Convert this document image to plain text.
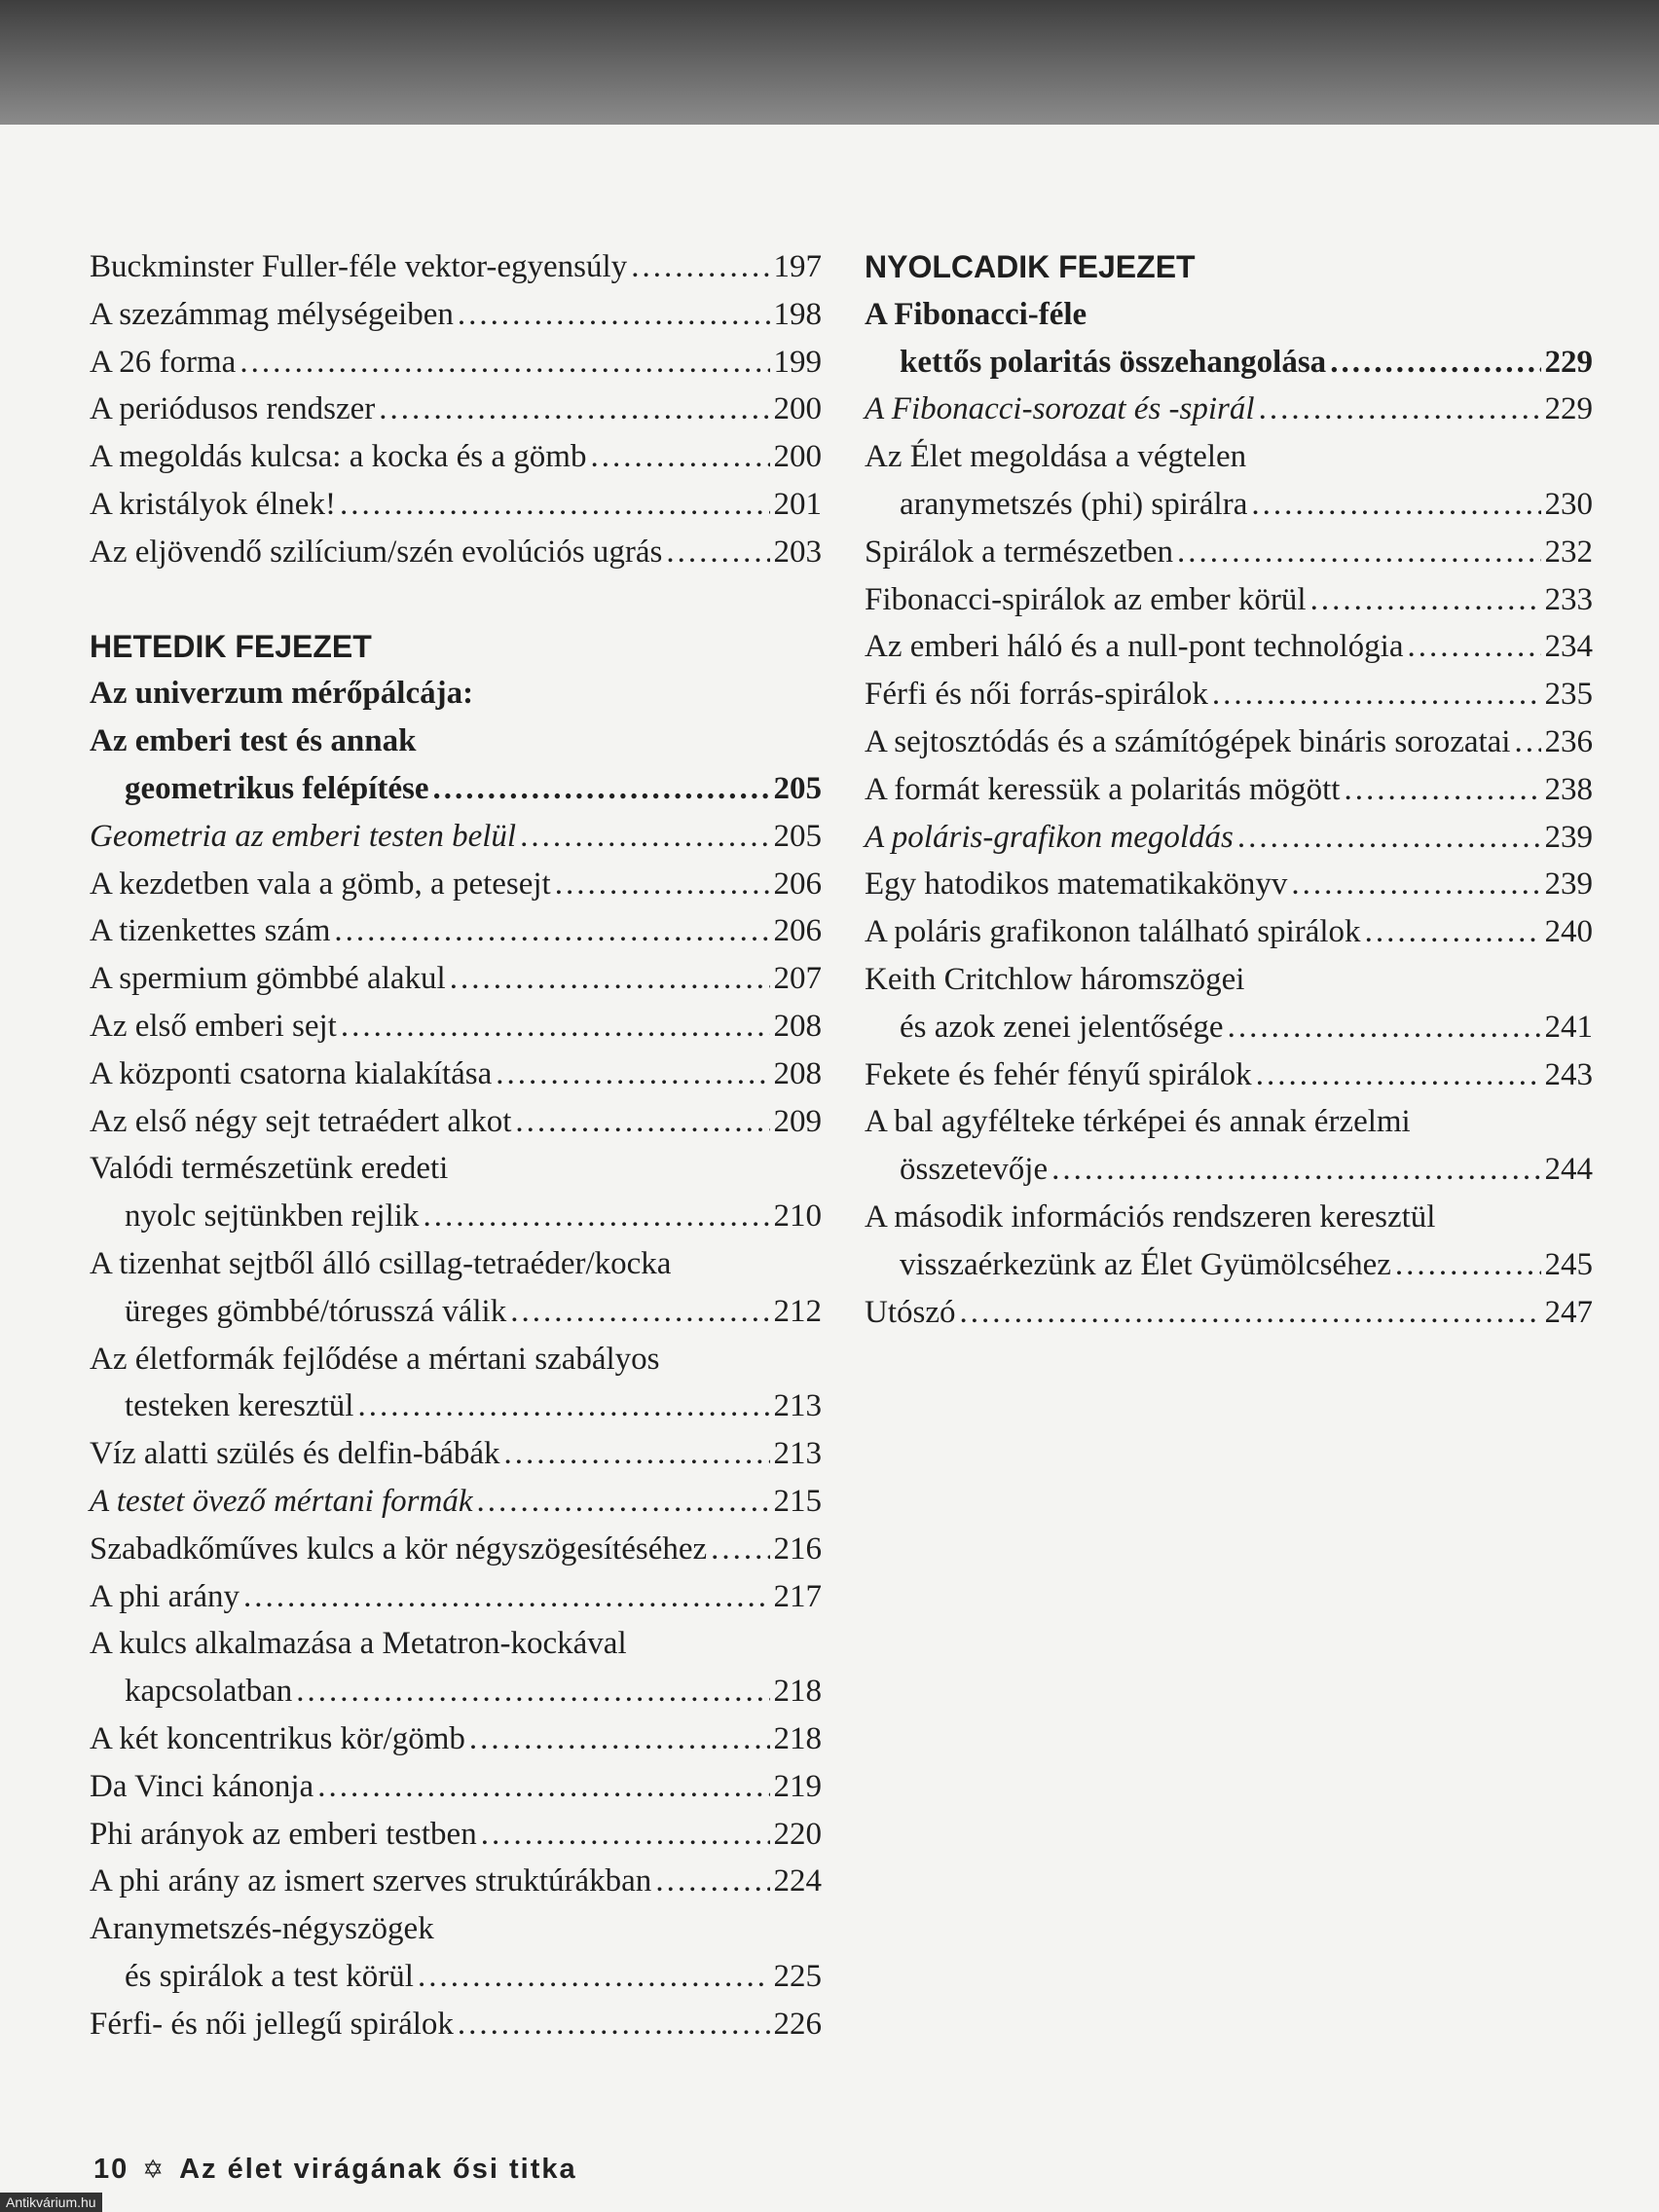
Buckminster Fuller-féle vektor-egyensúly .....	197
A szezámmag mélységeiben .....	198
A 26 forma .....	199
A periódusos rendszer .....	200
A megoldás kulcsa: a kocka és a gömb .....	200
A kristályok élnek! .....	201
Az eljövendő szilícium/szén evolúciós ugrás .....	203
HETEDIK FEJEZET
Az univerzum mérőpálcája:
Az emberi test és annak
geometrikus felépítése .....	205
Geometria az emberi testen belül .....	205
A kezdetben vala a gömb, a petesejt .....	206
A tizenkettes szám .....	206
A spermium gömbbé alakul .....	207
Az első emberi sejt .....	208
A központi csatorna kialakítása .....	208
Az első négy sejt tetraédert alkot .....	209
Valódi természetünk eredeti
nyolc sejtünkben rejlik .....	210
A tizenhat sejtből álló csillag-tetraéder/kocka
üreges gömbbé/tórusszá válik .....	212
Az életformák fejlődése a mértani szabályos
testeken keresztül .....	213
Víz alatti szülés és delfin-bábák .....	213
A testet övező mértani formák .....	215
Szabadkőműves kulcs a kör négyszögesítéséhez ..... 216
A phi arány .....	217
A kulcs alkalmazása a Metatron-kockával
kapcsolatban .....	218
A két koncentrikus kör/gömb .....	218
Da Vinci kánonja .....	219
Phi arányok az emberi testben .....	220
A phi arány az ismert szerves struktúrákban .....	224
Aranymetszés-négyszögek
és spirálok a test körül .....	225
Férfi- és női jellegű spirálok .....	226
NYOLCADIK FEJEZET
A Fibonacci-féle
kettős polaritás összehangolása .....	229
A Fibonacci-sorozat és -spirál .....	229
Az Élet megoldása a végtelen
aranymetszés (phi) spirálra .....	230
Spirálok a természetben .....	232
Fibonacci-spirálok az ember körül .....	233
Az emberi háló és a null-pont technológia .....	234
Férfi és női forrás-spirálok .....	235
A sejtosztódás és a számítógépek bináris sorozatai ..... 236
A formát keressük a polaritás mögött .....	238
A poláris-grafikon megoldás .....	239
Egy hatodikos matematikakönyv .....	239
A poláris grafikonon található spirálok .....	240
Keith Critchlow háromszögei
és azok zenei jelentősége .....	241
Fekete és fehér fényű spirálok .....	243
A bal agyféltekе térképei és annak érzelmi
összetevője .....	244
A második információs rendszeren keresztül
visszaérkezünk az Élet Gyümölcséhez .....	245
Utószó .....	247
10 ✡ Az élet virágának ősi titka
Antikvárium.hu
